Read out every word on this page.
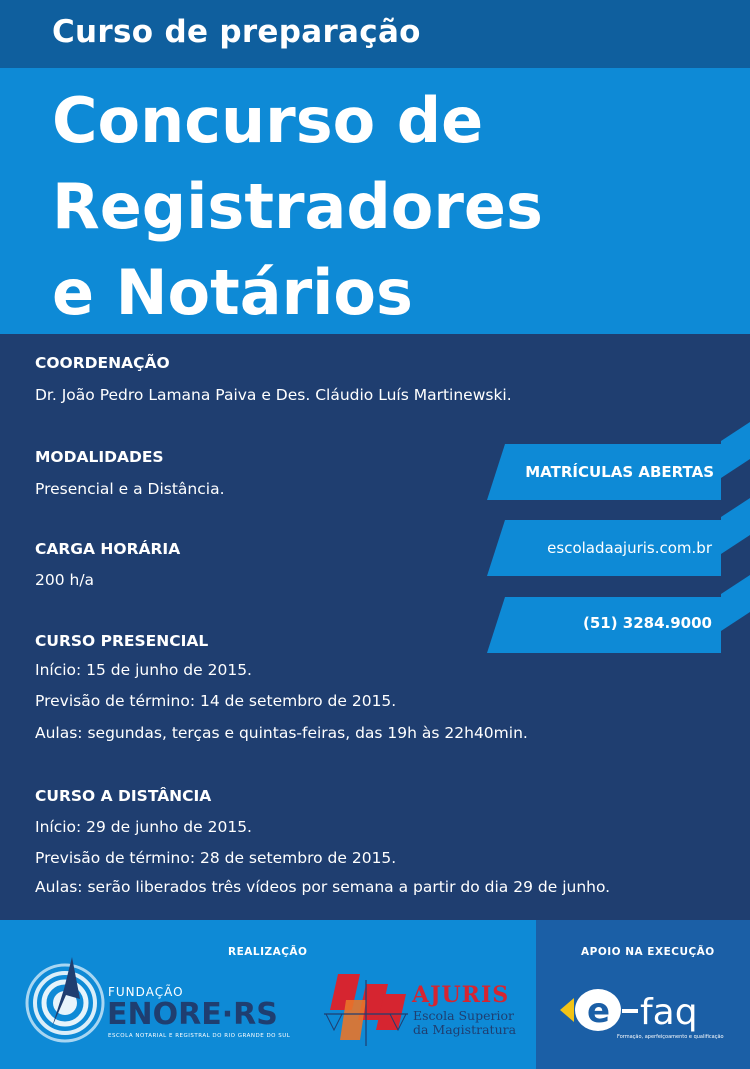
Curso de preparação
Concurso de
Registradores
e Notários
COORDENAÇÃO
Dr. João Pedro Lamana Paiva e Des. Cláudio Luís Martinewski.
MODALIDADES
Presencial e a Distância.
CARGA HORÁRIA
200 h/a
CURSO PRESENCIAL
Início: 15 de junho de 2015.
Previsão de término: 14 de setembro de 2015.
Aulas: segundas, terças e quintas-feiras, das 19h às 22h40min.
CURSO A DISTÂNCIA
Início: 29 de junho de 2015.
Previsão de término: 28 de setembro de 2015.
Aulas: serão liberados três vídeos por semana a partir do dia 29 de junho.
MATRÍCULAS ABERTAS
escoladaajuris.com.br
(51) 3284.9000
REALIZAÇÃO	APOIO NA EXECUÇÃO
FUNDAÇÃO
ENORE·RS
ESCOLA NOTARIAL E REGISTRAL DO RIO GRANDE DO SUL
AJURIS
Escola Superior
da Magistratura e faq
Formação, aperfeiçoamento e qualificação
